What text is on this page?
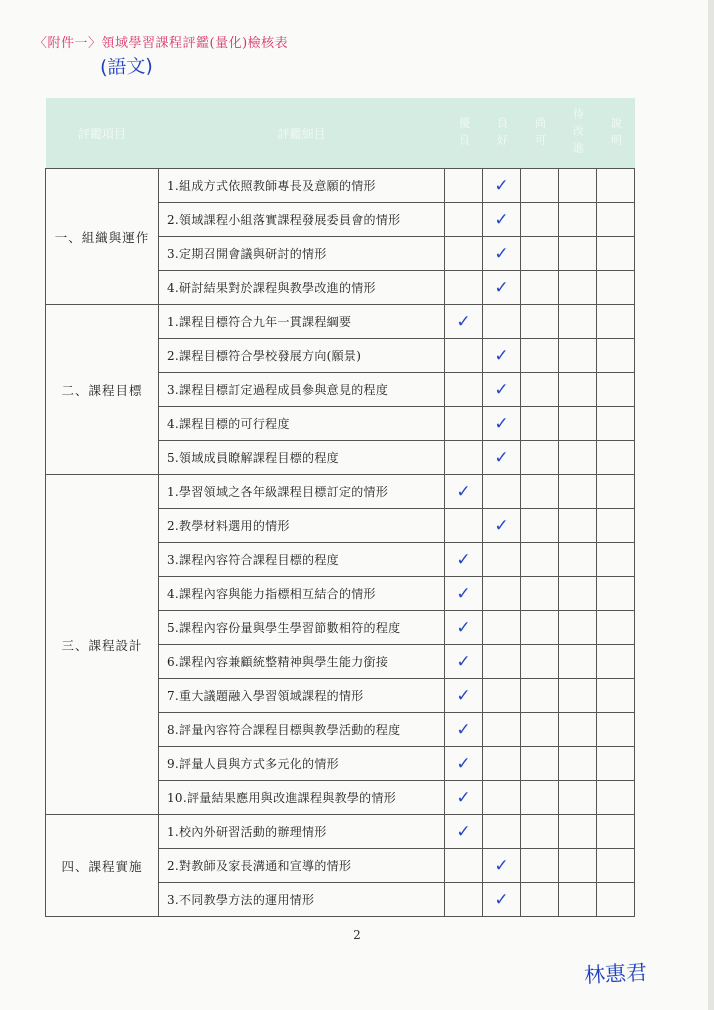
〈附件一〉領域學習課程評鑑(量化)檢核表
(語文)
評鑑項目	評鑑細目	優良	良好	尚可	待改進	說明
一、組織與運作	1.組成方式依照教師專長及意願的情形		✓			
	2.領域課程小組落實課程發展委員會的情形		✓			
	3.定期召開會議與研討的情形		✓			
	4.研討結果對於課程與教學改進的情形		✓			
二、課程目標	1.課程目標符合九年一貫課程綱要	✓				
	2.課程目標符合學校發展方向(願景)		✓			
	3.課程目標訂定過程成員參與意見的程度		✓			
	4.課程目標的可行程度		✓			
	5.領域成員瞭解課程目標的程度		✓			
三、課程設計	1.學習領域之各年級課程目標訂定的情形	✓				
	2.教學材料選用的情形		✓			
	3.課程內容符合課程目標的程度	✓				
	4.課程內容與能力指標相互結合的情形	✓				
	5.課程內容份量與學生學習節數相符的程度	✓				
	6.課程內容兼顧統整精神與學生能力銜接	✓				
	7.重大議題融入學習領域課程的情形	✓				
	8.評量內容符合課程目標與教學活動的程度	✓				
	9.評量人員與方式多元化的情形	✓				
	10.評量結果應用與改進課程與教學的情形	✓				
四、課程實施	1.校內外研習活動的辦理情形	✓				
	2.對教師及家長溝通和宣導的情形		✓			
	3.不同教學方法的運用情形		✓			
2
林惠君
